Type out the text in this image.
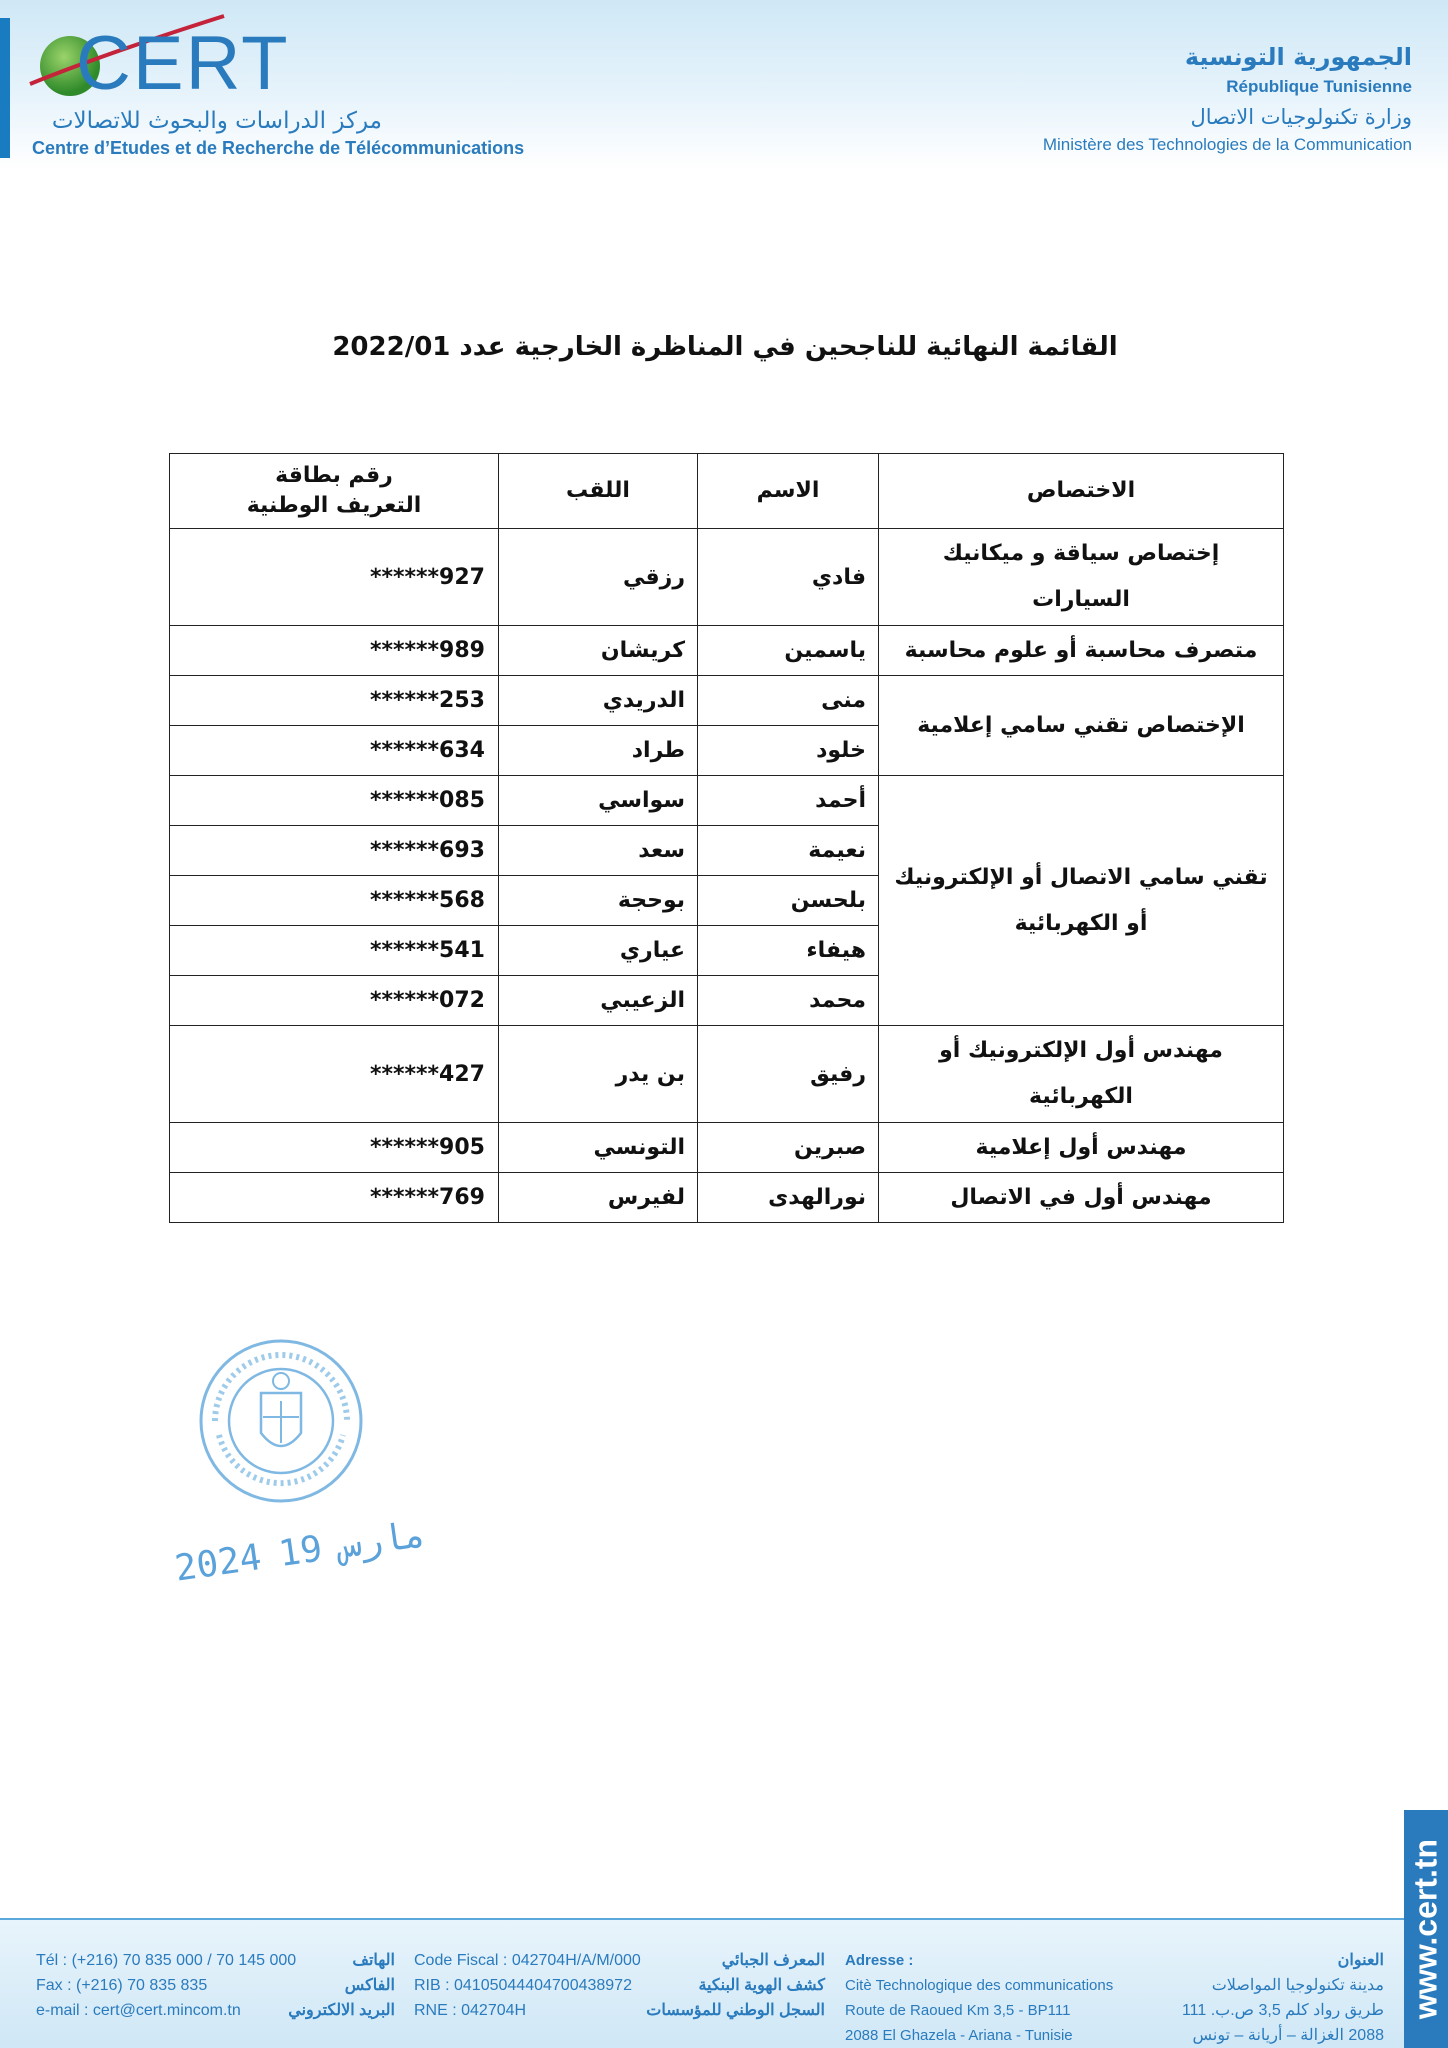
CERT
مركز الدراسات والبحوث للاتصالات
Centre d’Etudes et de Recherche de Télécommunications
الجمهورية التونسية
République Tunisienne
وزارة تكنولوجيات الاتصال
Ministère des Technologies de la Communication
القائمة النهائية للناجحين في المناظرة الخارجية عدد 2022/01
الاختصاص	الاسم	اللقب	رقم بطاقة
التعريف الوطنية

إختصاص سياقة و ميكانيك السيارات	فادي	رزقي	******927
متصرف محاسبة أو علوم محاسبة	ياسمين	كريشان	******989
الإختصاص تقني سامي إعلامية	منى	الدريدي	******253
	خلود	طراد	******634
تقني سامي الاتصال أو الإلكترونيك أو الكهربائية	أحمد	سواسي	******085
	نعيمة	سعد	******693
	بلحسن	بوحجة	******568
	هيفاء	عياري	******541
	محمد	الزعيبي	******072
مهندس أول الإلكترونيك أو الكهربائية	رفيق	بن يدر	******427
مهندس أول إعلامية	صبرين	التونسي	******905
مهندس أول في الاتصال	نورالهدى	لفيرس	******769
2024 مارس19
Tél : (+216) 70 835 000 / 70 145 000
Fax : (+216) 70 835 835
e-mail : cert@cert.mincom.tn
الهاتف
الفاكس
البريد الالكتروني
Code Fiscal : 042704H/A/M/000
RIB : 04105044404700438972
RNE : 042704H
المعرف الجبائي
كشف الهوية البنكية
السجل الوطني للمؤسسات
Adresse :
Citè Technologique des communications
Route de Raoued Km 3,5 - BP111
2088 El Ghazela - Ariana - Tunisie
العنوان
مدينة تكنولوجيا المواصلات
طريق رواد كلم 3,5 ص.ب. 111
2088 الغزالة – أريانة – تونس
www.cert.tn
